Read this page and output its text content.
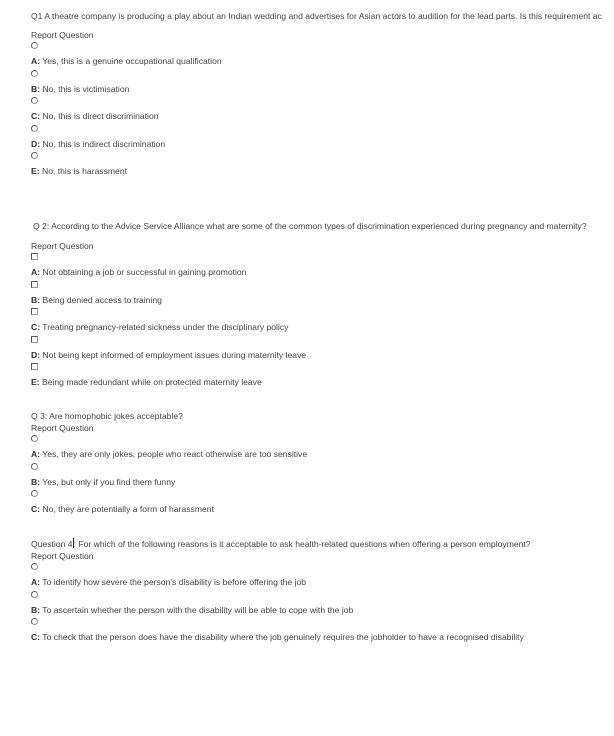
Q1 A theatre company is producing a play about an Indian wedding and advertises for Asian actors to audition for the lead parts. Is this requirement ac
Report Question
A: Yes, this is a genuine occupational qualification
B: No, this is victimisation
C: No, this is direct discrimination
D: No, this is indirect discrimination
E: No, this is harassment
Q 2: According to the Advice Service Alliance what are some of the common types of discrimination experienced during pregnancy and maternity?
Report Question
A: Not obtaining a job or successful in gaining promotion
B: Being denied access to training
C: Treating pregnancy-related sickness under the disciplinary policy
D: Not being kept informed of employment issues during maternity leave
E: Being made redundant while on protected maternity leave
Q 3: Are homophobic jokes acceptable?
Report Question
A: Yes, they are only jokes, people who react otherwise are too sensitive
B: Yes, but only if you find them funny
C: No, they are potentially a form of harassment
Question 4: For which of the following reasons is it acceptable to ask health-related questions when offering a person employment?
Report Question
A: To identify how severe the person's disability is before offering the job
B: To ascertain whether the person with the disability will be able to cope with the job
C: To check that the person does have the disability where the job genuinely requires the jobholder to have a recognised disability
